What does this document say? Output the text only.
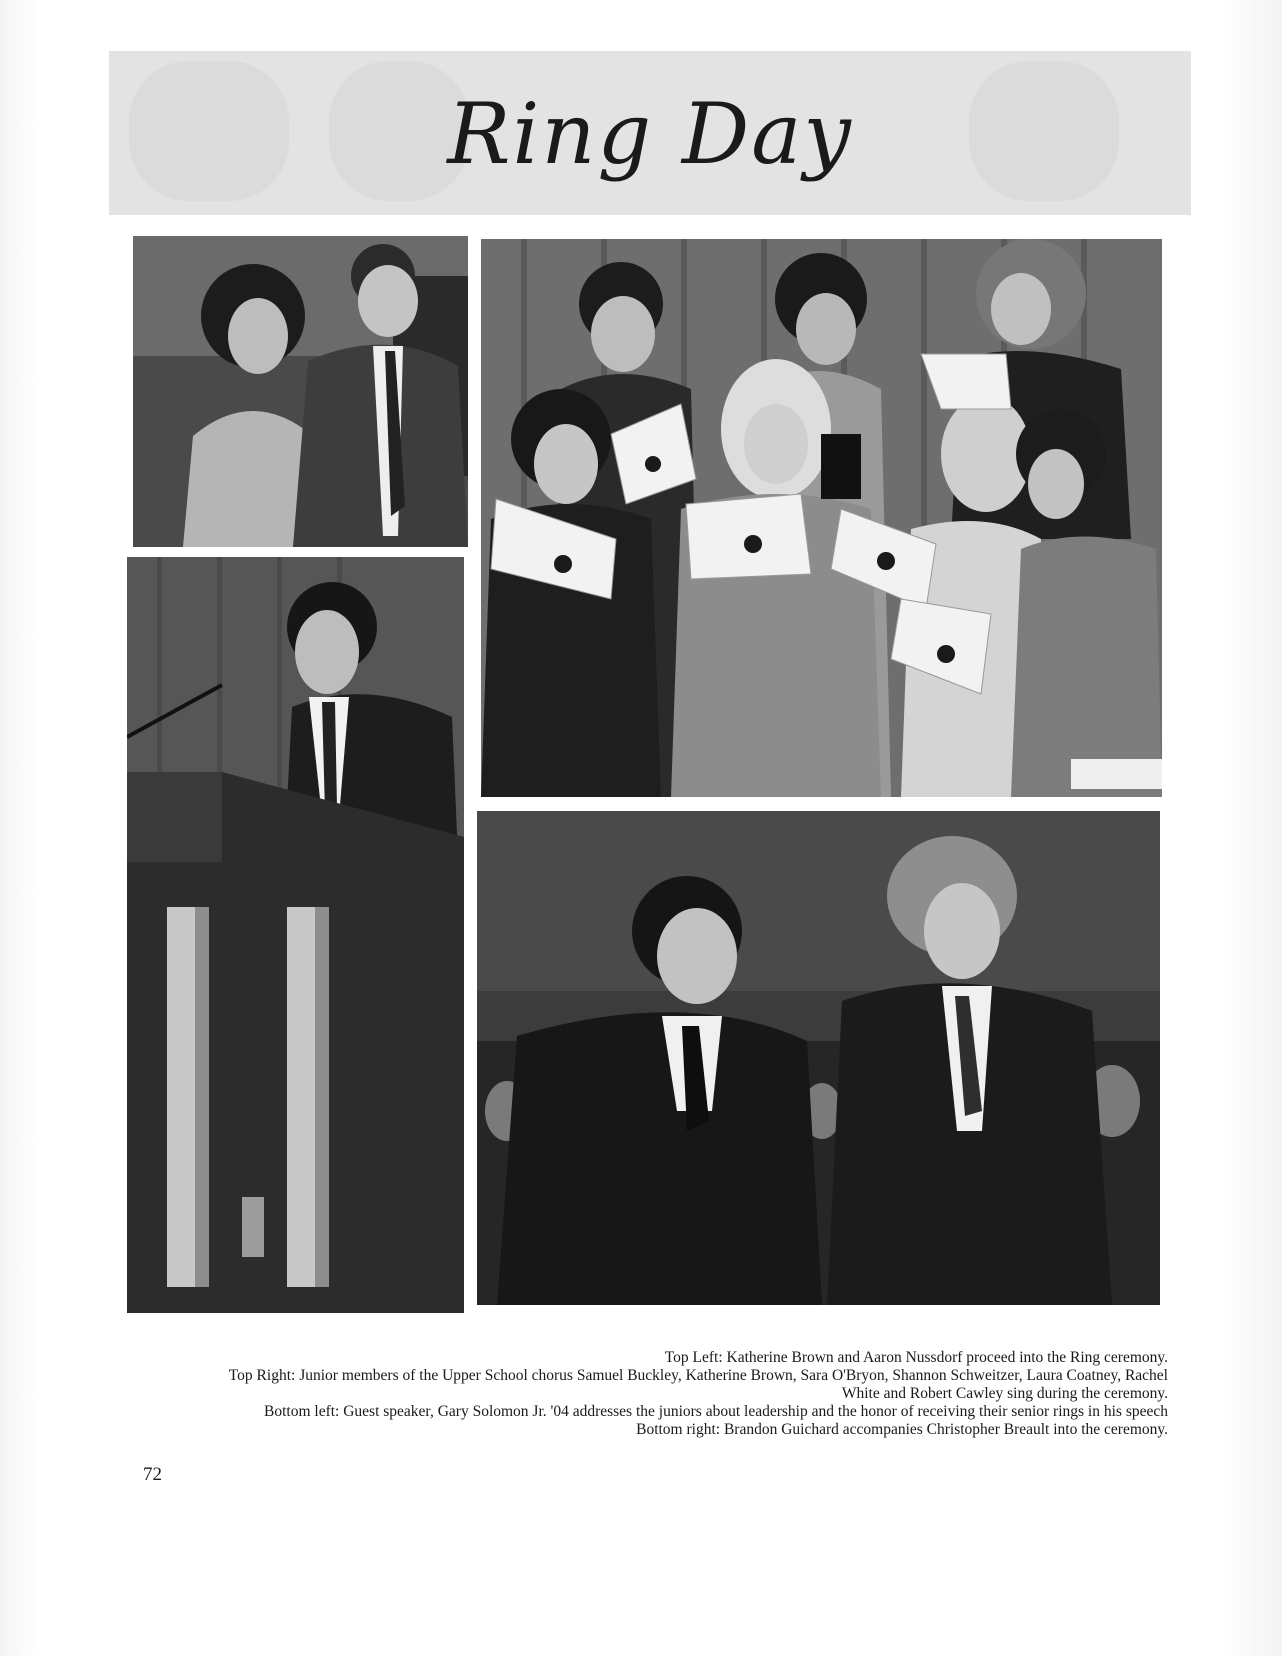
Ring Day

Top Left: Katherine Brown and Aaron Nussdorf proceed into the Ring ceremony.

Top Right: Junior members of the Upper School chorus Samuel Buckley, Katherine Brown, Sara O'Bryon, Shannon Schweitzer, Laura Coatney, Rachel White and Robert Cawley sing during the ceremony.

Bottom left: Guest speaker, Gary Solomon Jr. '04 addresses the juniors about leadership and the honor of receiving their senior rings in his speech

Bottom right: Brandon Guichard accompanies Christopher Breault into the ceremony.

72
